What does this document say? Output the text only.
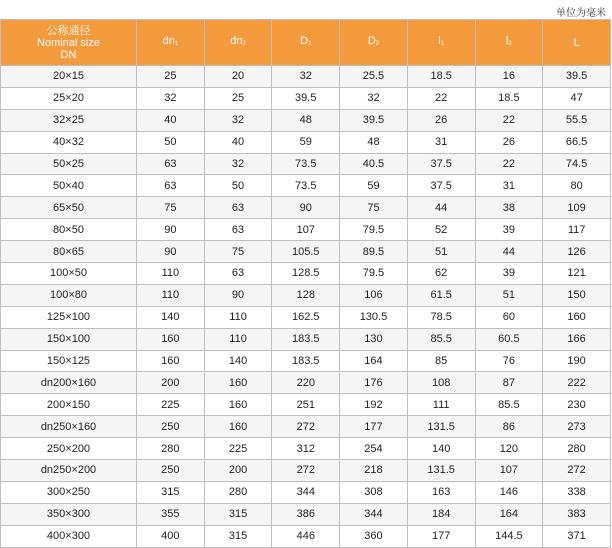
单位为毫米
公称通径
Nominal size
DN	$dn_1$	$dn_2$	$D_1$	$D_2$	$l_1$	$l_2$	L
20×15	25	20	32	25.5	18.5	16	39.5
25×20	32	25	39.5	32	22	18.5	47
32×25	40	32	48	39.5	26	22	55.5
40×32	50	40	59	48	31	26	66.5
50×25	63	32	73.5	40.5	37.5	22	74.5
50×40	63	50	73.5	59	37.5	31	80
65×50	75	63	90	75	44	38	109
80×50	90	63	107	79.5	52	39	117
80×65	90	75	105.5	89.5	51	44	126
100×50	110	63	128.5	79.5	62	39	121
100×80	110	90	128	106	61.5	51	150
125×100	140	110	162.5	130.5	78.5	60	160
150×100	160	110	183.5	130	85.5	60.5	166
150×125	160	140	183.5	164	85	76	190
dn200×160	200	160	220	176	108	87	222
200×150	225	160	251	192	111	85.5	230
dn250×160	250	160	272	177	131.5	86	273
250×200	280	225	312	254	140	120	280
dn250×200	250	200	272	218	131.5	107	272
300×250	315	280	344	308	163	146	338
350×300	355	315	386	344	184	164	383
400×300	400	315	446	360	177	144.5	371
